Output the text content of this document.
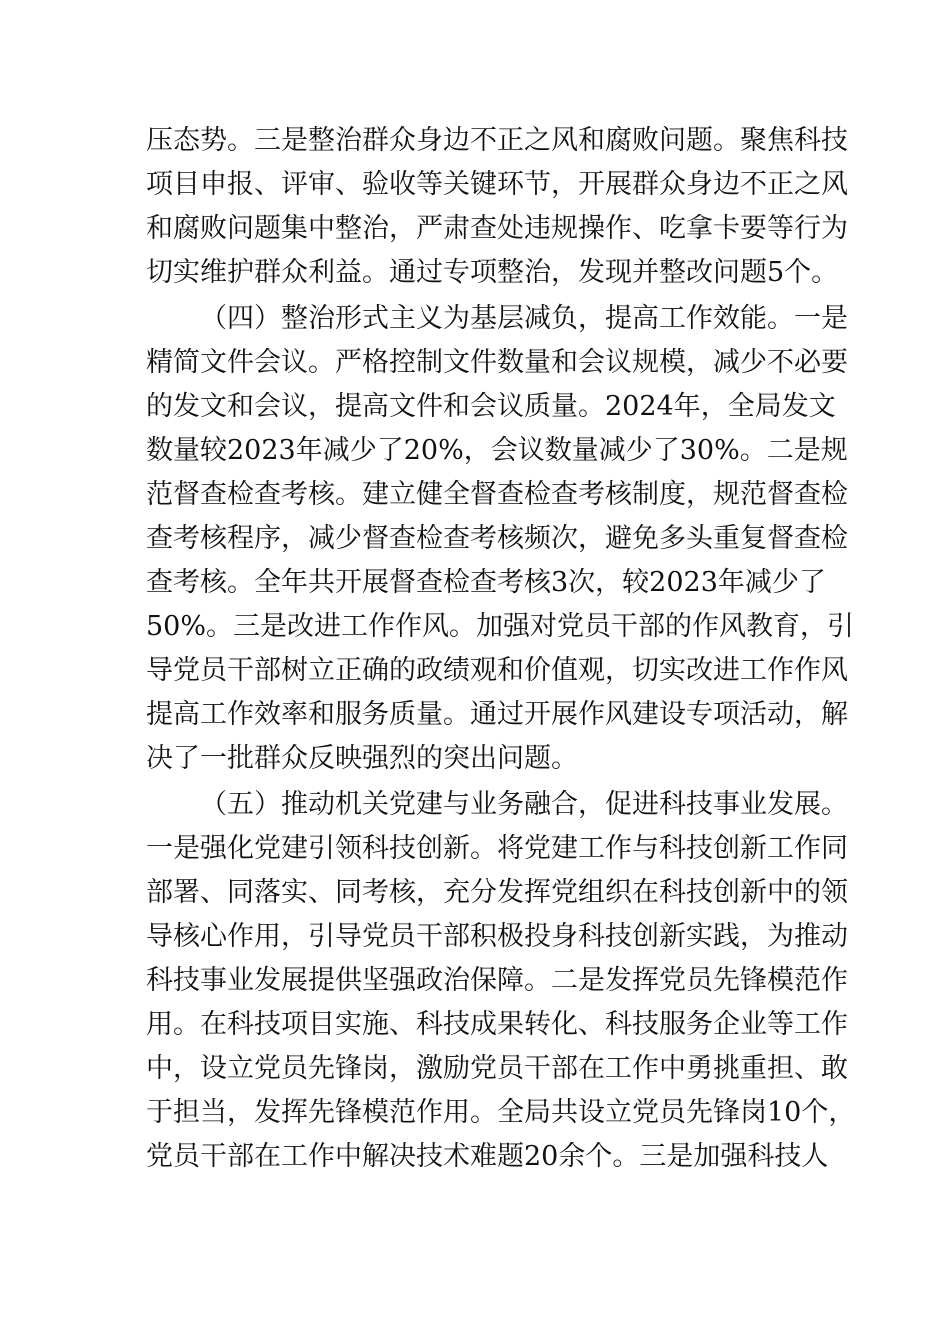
压态势。三是整治群众身边不正之风和腐败问题。聚焦科技
项目申报、评审、验收等关键环节，开展群众身边不正之风
和腐败问题集中整治，严肃查处违规操作、吃拿卡要等行为
切实维护群众利益。通过专项整治，发现并整改问题5个。
（四）整治形式主义为基层减负，提高工作效能。一是
精简文件会议。严格控制文件数量和会议规模，减少不必要
的发文和会议，提高文件和会议质量。2024年，全局发文
数量较2023年减少了20%，会议数量减少了30%。二是规
范督查检查考核。建立健全督查检查考核制度，规范督查检
查考核程序，减少督查检查考核频次，避免多头重复督查检
查考核。全年共开展督查检查考核3次，较2023年减少了
50%。三是改进工作作风。加强对党员干部的作风教育，引
导党员干部树立正确的政绩观和价值观，切实改进工作作风
提高工作效率和服务质量。通过开展作风建设专项活动，解
决了一批群众反映强烈的突出问题。
（五）推动机关党建与业务融合，促进科技事业发展。
一是强化党建引领科技创新。将党建工作与科技创新工作同
部署、同落实、同考核，充分发挥党组织在科技创新中的领
导核心作用，引导党员干部积极投身科技创新实践，为推动
科技事业发展提供坚强政治保障。二是发挥党员先锋模范作
用。在科技项目实施、科技成果转化、科技服务企业等工作
中，设立党员先锋岗，激励党员干部在工作中勇挑重担、敢
于担当，发挥先锋模范作用。全局共设立党员先锋岗10个，
党员干部在工作中解决技术难题20余个。三是加强科技人
